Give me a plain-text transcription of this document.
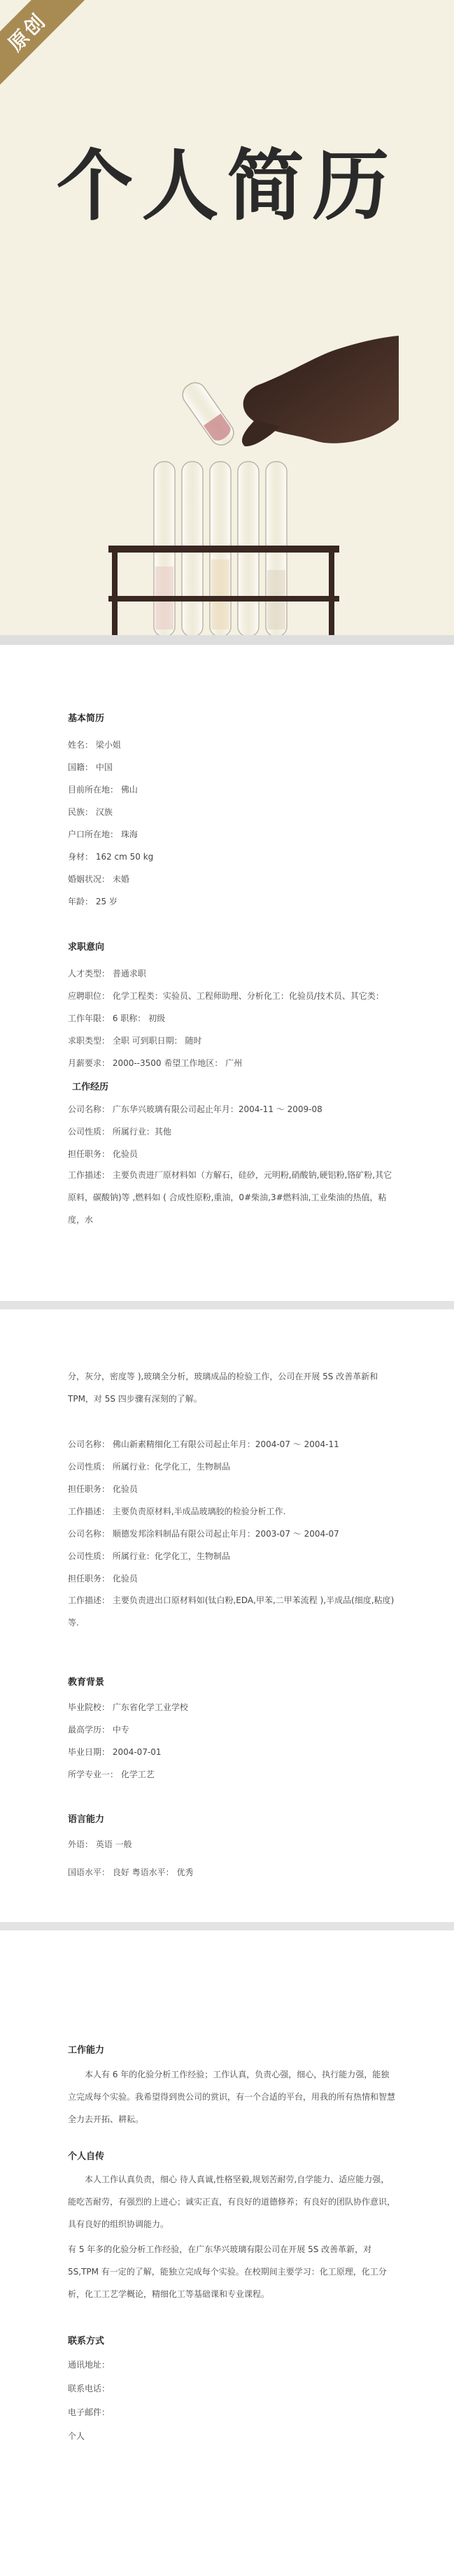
原创
个人简历
基本简历
姓名： 梁小姐
国籍： 中国
目前所在地： 佛山
民族： 汉族
户口所在地： 珠海
身材： 162 cm 50 kg
婚姻状况： 未婚
年龄： 25 岁
求职意向
人才类型： 普通求职
应聘职位： 化学工程类：实验员、工程师助理、分析化工：化验员/技术员、其它类：
工作年限： 6 职称： 初级
求职类型： 全职 可到职日期： 随时
月薪要求： 2000--3500 希望工作地区： 广州
工作经历
公司名称： 广东华兴玻璃有限公司起止年月：2004-11 ～ 2009-08
公司性质： 所属行业：其他
担任职务： 化验员
工作描述： 主要负责进厂原材料如（方解石，硅砂，元明粉,硝酸钠,硬铝粉,铬矿粉,其它原料，碳酸钠)等 ,燃料如 ( 合成性原粉,重油，0#柴油,3#燃料油,工业柴油的热值，粘度，水
分，灰分，密度等 ),玻璃全分析，玻璃成品的检验工作，公司在开展 5S 改善革新和 TPM，对 5S 四步骤有深刻的了解。
公司名称： 佛山新素精细化工有限公司起止年月：2004-07 ～ 2004-11
公司性质： 所属行业：化学化工，生物制品
担任职务： 化验员
工作描述： 主要负责原材料,半成品玻璃胶的检验分析工作.
公司名称： 顺德发邦涂料制品有限公司起止年月：2003-07 ～ 2004-07
公司性质： 所属行业：化学化工，生物制品
担任职务： 化验员
工作描述： 主要负责进出口原材料如(钛白粉,EDA,甲苯,二甲苯流程 ),半成品(细度,粘度)等.
教育背景
毕业院校： 广东省化学工业学校
最高学历： 中专
毕业日期： 2004-07-01
所学专业一： 化学工艺
语言能力
外语： 英语 一般
国语水平： 良好 粤语水平： 优秀
工作能力
本人有 6 年的化验分析工作经验；工作认真，负责心强，细心，执行能力强，能独立完成每个实验。我希望得到贵公司的赏识，有一个合适的平台，用我的所有热情和智慧全力去开拓、耕耘。
个人自传
本人工作认真负责，细心 待人真诚,性格坚毅,规划苦耐劳,自学能力、适应能力强，能吃苦耐劳，有强烈的上进心；诚实正直，有良好的道德修养；有良好的团队协作意识，具有良好的组织协调能力。
有 5 年多的化验分析工作经验，在广东华兴玻璃有限公司在开展 5S 改善革新，对 5S,TPM 有一定的了解，能独立完成每个实验。在校期间主要学习：化工原理，化工分析，化工工艺学概论，精细化工等基础课和专业课程。
联系方式
通讯地址：
联系电话：
电子邮件：
个人
